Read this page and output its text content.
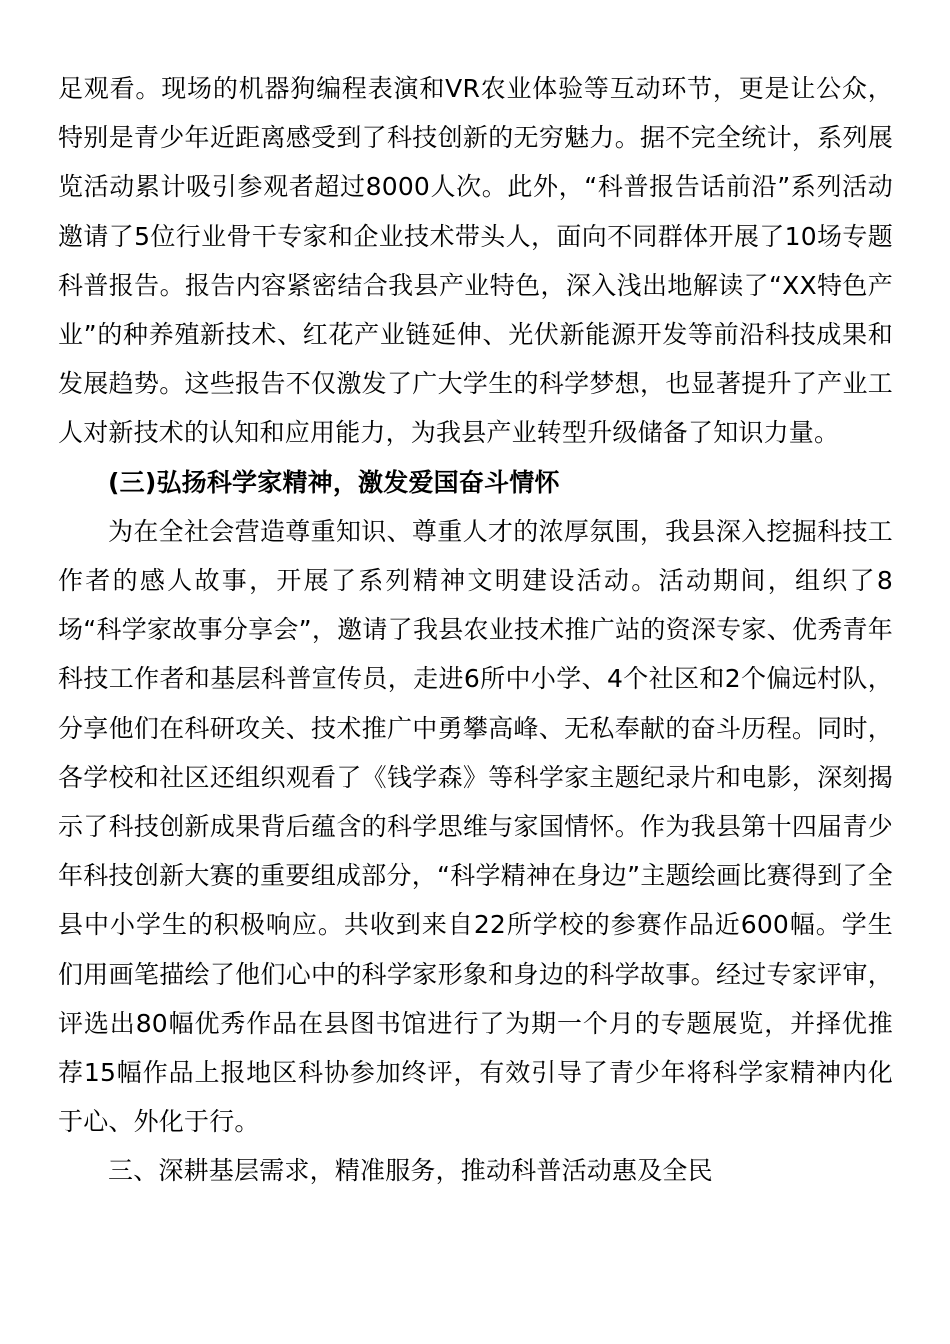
足观看。现场的机器狗编程表演和VR农业体验等互动环节，更是让公众，特别是青少年近距离感受到了科技创新的无穷魅力。据不完全统计，系列展览活动累计吸引参观者超过8000人次。此外，“科普报告话前沿”系列活动邀请了5位行业骨干专家和企业技术带头人，面向不同群体开展了10场专题科普报告。报告内容紧密结合我县产业特色，深入浅出地解读了“XX特色产业”的种养殖新技术、红花产业链延伸、光伏新能源开发等前沿科技成果和发展趋势。这些报告不仅激发了广大学生的科学梦想，也显著提升了产业工人对新技术的认知和应用能力，为我县产业转型升级储备了知识力量。

(三)弘扬科学家精神，激发爱国奋斗情怀

为在全社会营造尊重知识、尊重人才的浓厚氛围，我县深入挖掘科技工作者的感人故事，开展了系列精神文明建设活动。活动期间，组织了8场“科学家故事分享会”，邀请了我县农业技术推广站的资深专家、优秀青年科技工作者和基层科普宣传员，走进6所中小学、4个社区和2个偏远村队，分享他们在科研攻关、技术推广中勇攀高峰、无私奉献的奋斗历程。同时，各学校和社区还组织观看了《钱学森》等科学家主题纪录片和电影，深刻揭示了科技创新成果背后蕴含的科学思维与家国情怀。作为我县第十四届青少年科技创新大赛的重要组成部分，“科学精神在身边”主题绘画比赛得到了全县中小学生的积极响应。共收到来自22所学校的参赛作品近600幅。学生们用画笔描绘了他们心中的科学家形象和身边的科学故事。经过专家评审，评选出80幅优秀作品在县图书馆进行了为期一个月的专题展览，并择优推荐15幅作品上报地区科协参加终评，有效引导了青少年将科学家精神内化于心、外化于行。

三、深耕基层需求，精准服务，推动科普活动惠及全民
